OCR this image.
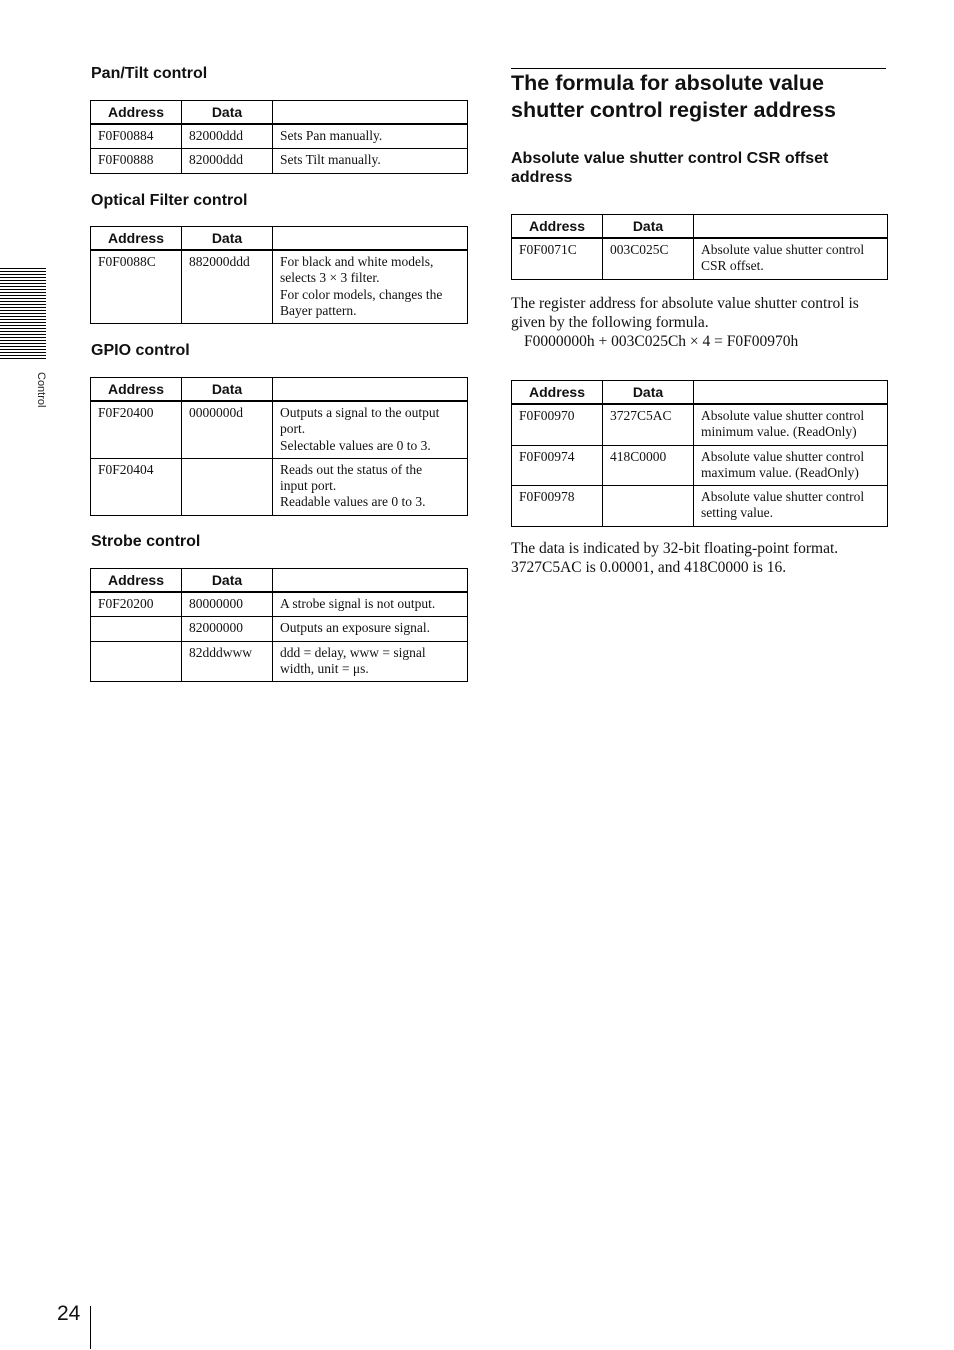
Control
Pan/Tilt control
Address	Data	
F0F00884	82000ddd	Sets Pan manually.

F0F00888	82000ddd	Sets Tilt manually.
Optical Filter control
Address	Data	
F0F0088C	882000ddd	For black and white models,
selects 3 × 3 filter.
For color models, changes the
Bayer pattern.
GPIO control
Address	Data	
F0F20400	0000000d	Outputs a signal to the output
port.
Selectable values are 0 to 3.

F0F20404		Reads out the status of the
input port.
Readable values are 0 to 3.
Strobe control
Address	Data	
F0F20200	80000000	A strobe signal is not output.

	82000000	Outputs an exposure signal.

	82dddwww	ddd = delay, www = signal
width, unit = μs.
The formula for absolute value
shutter control register address
Absolute value shutter control CSR offset
address
Address	Data	
F0F0071C	003C025C	Absolute value shutter control
CSR offset.
The register address for absolute value shutter control is
given by the following formula.
F0000000h + 003C025Ch × 4 = F0F00970h
Address	Data	
F0F00970	3727C5AC	Absolute value shutter control
minimum value. (ReadOnly)

F0F00974	418C0000	Absolute value shutter control
maximum value. (ReadOnly)

F0F00978		Absolute value shutter control
setting value.
The data is indicated by 32-bit floating-point format.
3727C5AC is 0.00001, and 418C0000 is 16.
24
